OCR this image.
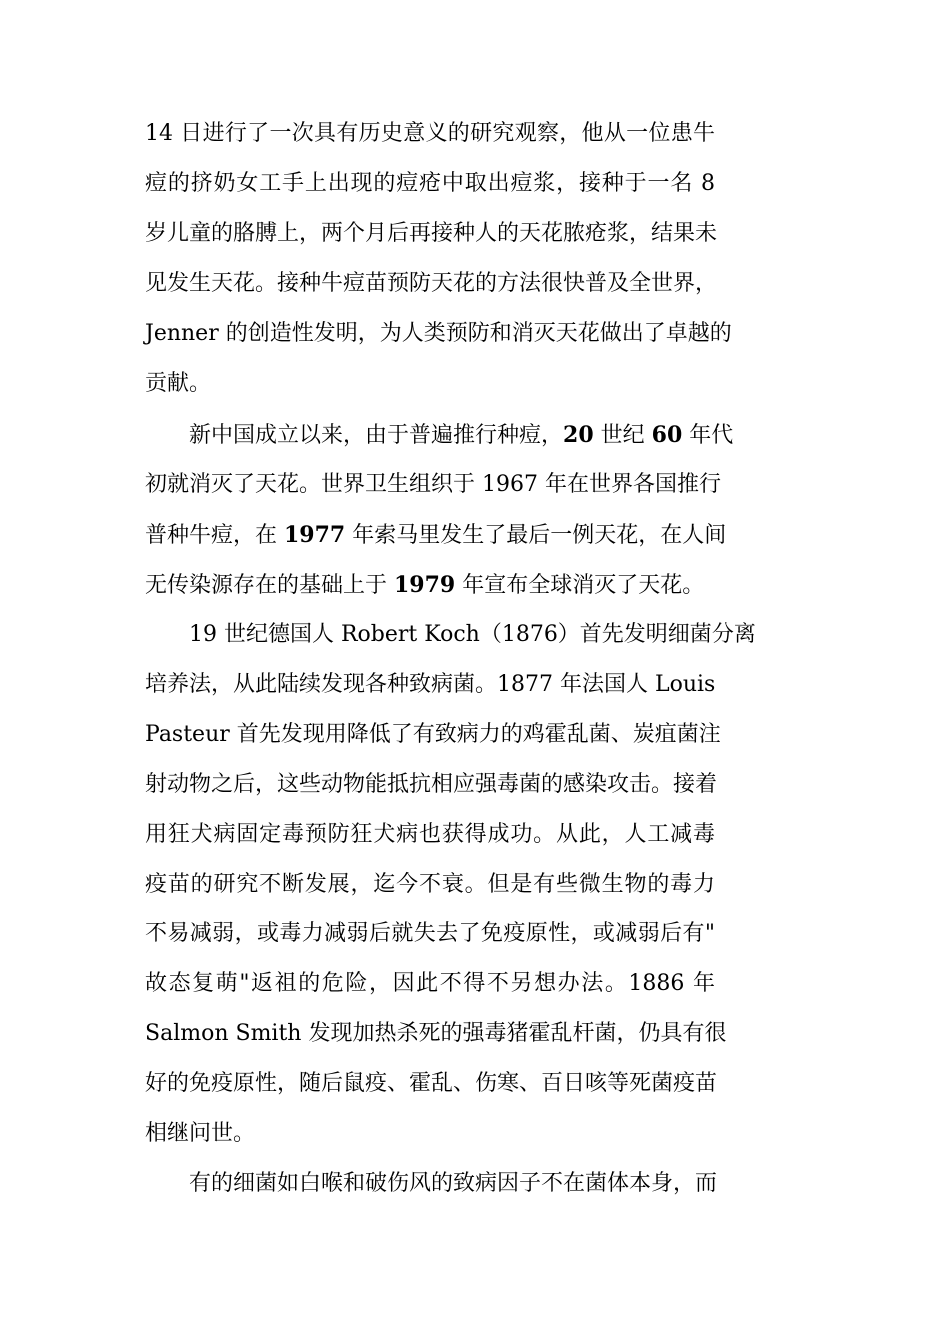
14 日进行了一次具有历史意义的研究观察，他从一位患牛
痘的挤奶女工手上出现的痘疮中取出痘浆，接种于一名 8
岁儿童的胳膊上，两个月后再接种人的天花脓疮浆，结果未
见发生天花。接种牛痘苗预防天花的方法很快普及全世界，
Jenner 的创造性发明，为人类预防和消灭天花做出了卓越的
贡献。
新中国成立以来，由于普遍推行种痘，20 世纪 60 年代
初就消灭了天花。世界卫生组织于 1967 年在世界各国推行
普种牛痘，在 1977 年索马里发生了最后一例天花，在人间
无传染源存在的基础上于 1979 年宣布全球消灭了天花。
19 世纪德国人 Robert Koch（1876）首先发明细菌分离
培养法，从此陆续发现各种致病菌。1877 年法国人 Louis
Pasteur 首先发现用降低了有致病力的鸡霍乱菌、炭疽菌注
射动物之后，这些动物能抵抗相应强毒菌的感染攻击。接着
用狂犬病固定毒预防狂犬病也获得成功。从此，人工减毒
疫苗的研究不断发展，迄今不衰。但是有些微生物的毒力
不易减弱，或毒力减弱后就失去了免疫原性，或减弱后有"
故态复萌"返祖的危险，因此不得不另想办法。1886 年
Salmon Smith 发现加热杀死的强毒猪霍乱杆菌，仍具有很
好的免疫原性，随后鼠疫、霍乱、伤寒、百日咳等死菌疫苗
相继问世。
有的细菌如白喉和破伤风的致病因子不在菌体本身，而
